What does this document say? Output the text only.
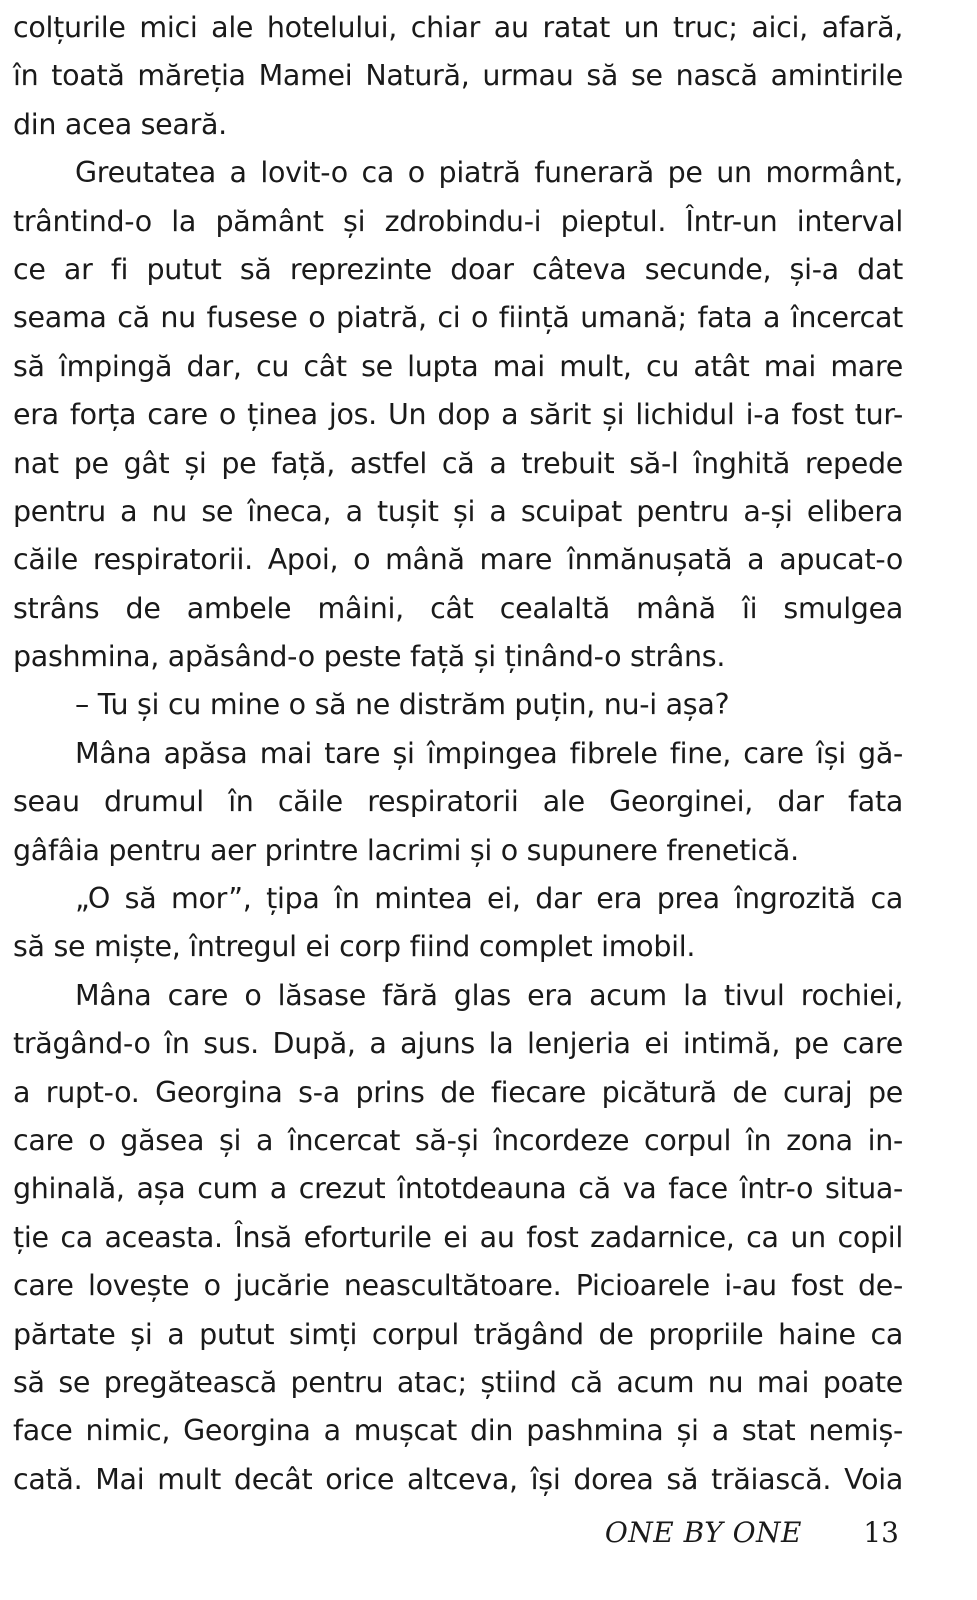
colțurile mici ale hotelului, chiar au ratat un truc; aici, afară,
în toată măreția Mamei Natură, urmau să se nască amintirile
din acea seară.
Greutatea a lovit-o ca o piatră funerară pe un mormânt,
trântind-o la pământ și zdrobindu-i pieptul. Într-un interval
ce ar fi putut să reprezinte doar câteva secunde, și-a dat
seama că nu fusese o piatră, ci o ființă umană; fata a încercat
să împingă dar, cu cât se lupta mai mult, cu atât mai mare
era forța care o ținea jos. Un dop a sărit și lichidul i-a fost tur-
nat pe gât și pe față, astfel că a trebuit să-l înghită repede
pentru a nu se îneca, a tușit și a scuipat pentru a-și elibera
căile respiratorii. Apoi, o mână mare înmănușată a apucat-o
strâns de ambele mâini, cât cealaltă mână îi smulgea
pashmina, apăsând-o peste față și ținând-o strâns.
– Tu și cu mine o să ne distrăm puțin, nu-i așa?
Mâna apăsa mai tare și împingea fibrele fine, care își gă-
seau drumul în căile respiratorii ale Georginei, dar fata
gâfâia pentru aer printre lacrimi și o supunere frenetică.
„O să mor”, țipa în mintea ei, dar era prea îngrozită ca
să se miște, întregul ei corp fiind complet imobil.
Mâna care o lăsase fără glas era acum la tivul rochiei,
trăgând-o în sus. După, a ajuns la lenjeria ei intimă, pe care
a rupt-o. Georgina s-a prins de fiecare picătură de curaj pe
care o găsea și a încercat să-și încordeze corpul în zona in-
ghinală, așa cum a crezut întotdeauna că va face într-o situa-
ție ca aceasta. Însă eforturile ei au fost zadarnice, ca un copil
care lovește o jucărie neascultătoare. Picioarele i-au fost de-
părtate și a putut simți corpul trăgând de propriile haine ca
să se pregătească pentru atac; știind că acum nu mai poate
face nimic, Georgina a mușcat din pashmina și a stat nemiș-
cată. Mai mult decât orice altceva, își dorea să trăiască. Voia
ONE BY ONE 13
